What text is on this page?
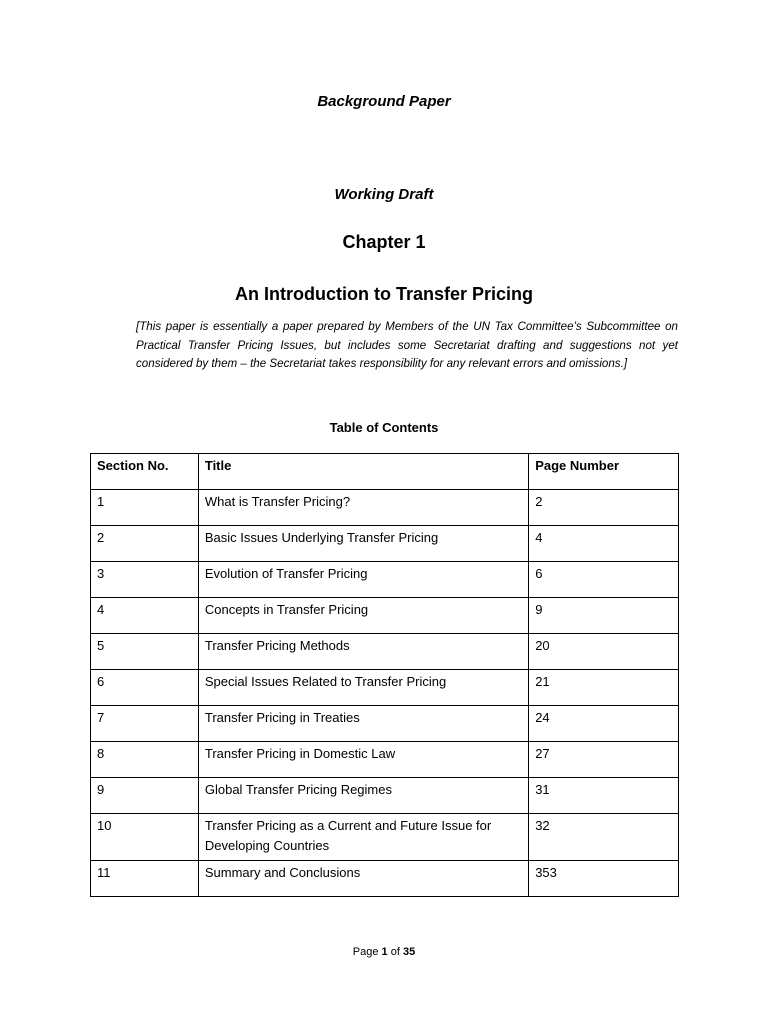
Background Paper
Working Draft
Chapter 1
An Introduction to Transfer Pricing
[This paper is essentially a paper prepared by Members of the UN Tax Committee’s Subcommittee on Practical Transfer Pricing Issues, but includes some Secretariat drafting and suggestions not yet considered by them – the Secretariat takes responsibility for any relevant errors and omissions.]
Table of Contents
Section No.	Title	Page Number
1	What is Transfer Pricing?	2
2	Basic Issues Underlying Transfer Pricing	4
3	Evolution of Transfer Pricing	6
4	Concepts in Transfer Pricing	9
5	Transfer Pricing Methods	20
6	Special Issues Related to Transfer Pricing	21
7	Transfer Pricing in Treaties	24
8	Transfer Pricing in Domestic Law	27
9	Global Transfer Pricing Regimes	31
10	Transfer Pricing as a Current and Future Issue for Developing Countries	32
11	Summary and Conclusions	353
Page 1 of 35
